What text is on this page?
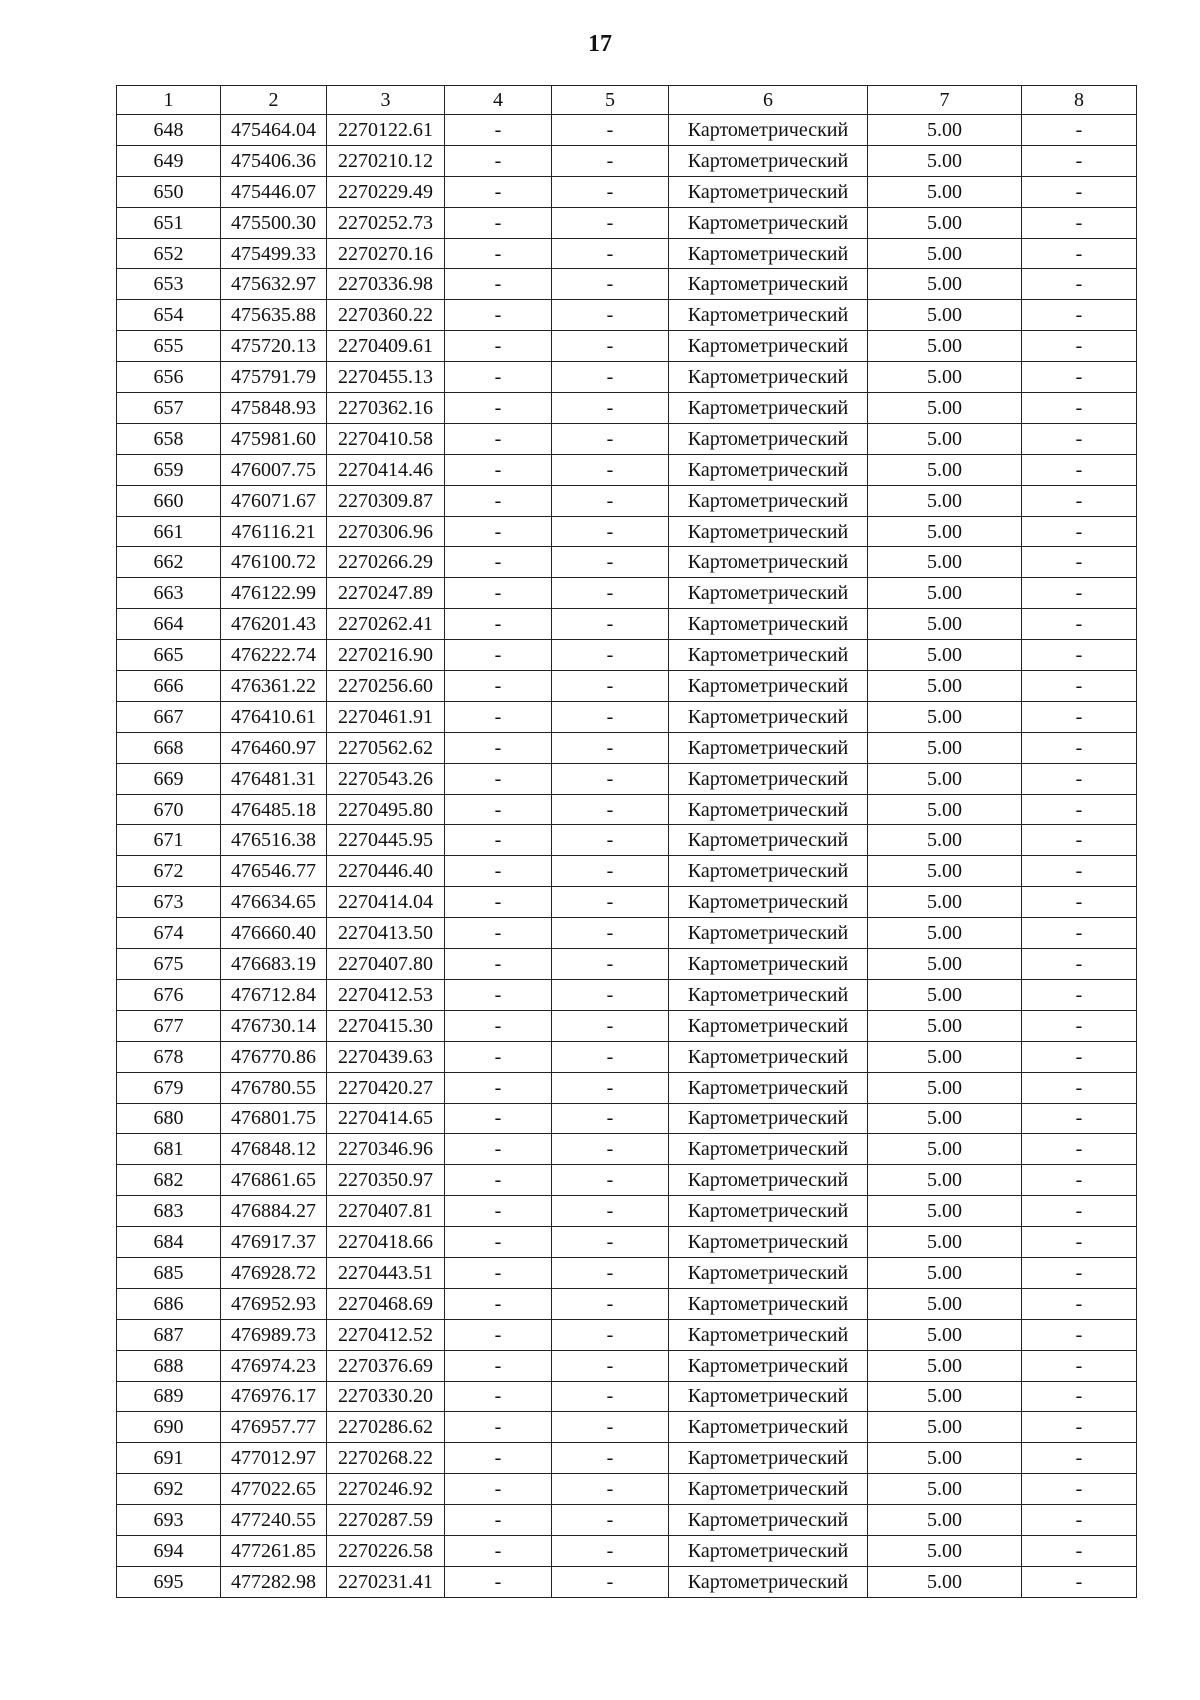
17
1	2	3	4	5	6	7	8
648	475464.04	2270122.61	-	-	Картометрический	5.00	-
649	475406.36	2270210.12	-	-	Картометрический	5.00	-
650	475446.07	2270229.49	-	-	Картометрический	5.00	-
651	475500.30	2270252.73	-	-	Картометрический	5.00	-
652	475499.33	2270270.16	-	-	Картометрический	5.00	-
653	475632.97	2270336.98	-	-	Картометрический	5.00	-
654	475635.88	2270360.22	-	-	Картометрический	5.00	-
655	475720.13	2270409.61	-	-	Картометрический	5.00	-
656	475791.79	2270455.13	-	-	Картометрический	5.00	-
657	475848.93	2270362.16	-	-	Картометрический	5.00	-
658	475981.60	2270410.58	-	-	Картометрический	5.00	-
659	476007.75	2270414.46	-	-	Картометрический	5.00	-
660	476071.67	2270309.87	-	-	Картометрический	5.00	-
661	476116.21	2270306.96	-	-	Картометрический	5.00	-
662	476100.72	2270266.29	-	-	Картометрический	5.00	-
663	476122.99	2270247.89	-	-	Картометрический	5.00	-
664	476201.43	2270262.41	-	-	Картометрический	5.00	-
665	476222.74	2270216.90	-	-	Картометрический	5.00	-
666	476361.22	2270256.60	-	-	Картометрический	5.00	-
667	476410.61	2270461.91	-	-	Картометрический	5.00	-
668	476460.97	2270562.62	-	-	Картометрический	5.00	-
669	476481.31	2270543.26	-	-	Картометрический	5.00	-
670	476485.18	2270495.80	-	-	Картометрический	5.00	-
671	476516.38	2270445.95	-	-	Картометрический	5.00	-
672	476546.77	2270446.40	-	-	Картометрический	5.00	-
673	476634.65	2270414.04	-	-	Картометрический	5.00	-
674	476660.40	2270413.50	-	-	Картометрический	5.00	-
675	476683.19	2270407.80	-	-	Картометрический	5.00	-
676	476712.84	2270412.53	-	-	Картометрический	5.00	-
677	476730.14	2270415.30	-	-	Картометрический	5.00	-
678	476770.86	2270439.63	-	-	Картометрический	5.00	-
679	476780.55	2270420.27	-	-	Картометрический	5.00	-
680	476801.75	2270414.65	-	-	Картометрический	5.00	-
681	476848.12	2270346.96	-	-	Картометрический	5.00	-
682	476861.65	2270350.97	-	-	Картометрический	5.00	-
683	476884.27	2270407.81	-	-	Картометрический	5.00	-
684	476917.37	2270418.66	-	-	Картометрический	5.00	-
685	476928.72	2270443.51	-	-	Картометрический	5.00	-
686	476952.93	2270468.69	-	-	Картометрический	5.00	-
687	476989.73	2270412.52	-	-	Картометрический	5.00	-
688	476974.23	2270376.69	-	-	Картометрический	5.00	-
689	476976.17	2270330.20	-	-	Картометрический	5.00	-
690	476957.77	2270286.62	-	-	Картометрический	5.00	-
691	477012.97	2270268.22	-	-	Картометрический	5.00	-
692	477022.65	2270246.92	-	-	Картометрический	5.00	-
693	477240.55	2270287.59	-	-	Картометрический	5.00	-
694	477261.85	2270226.58	-	-	Картометрический	5.00	-
695	477282.98	2270231.41	-	-	Картометрический	5.00	-
